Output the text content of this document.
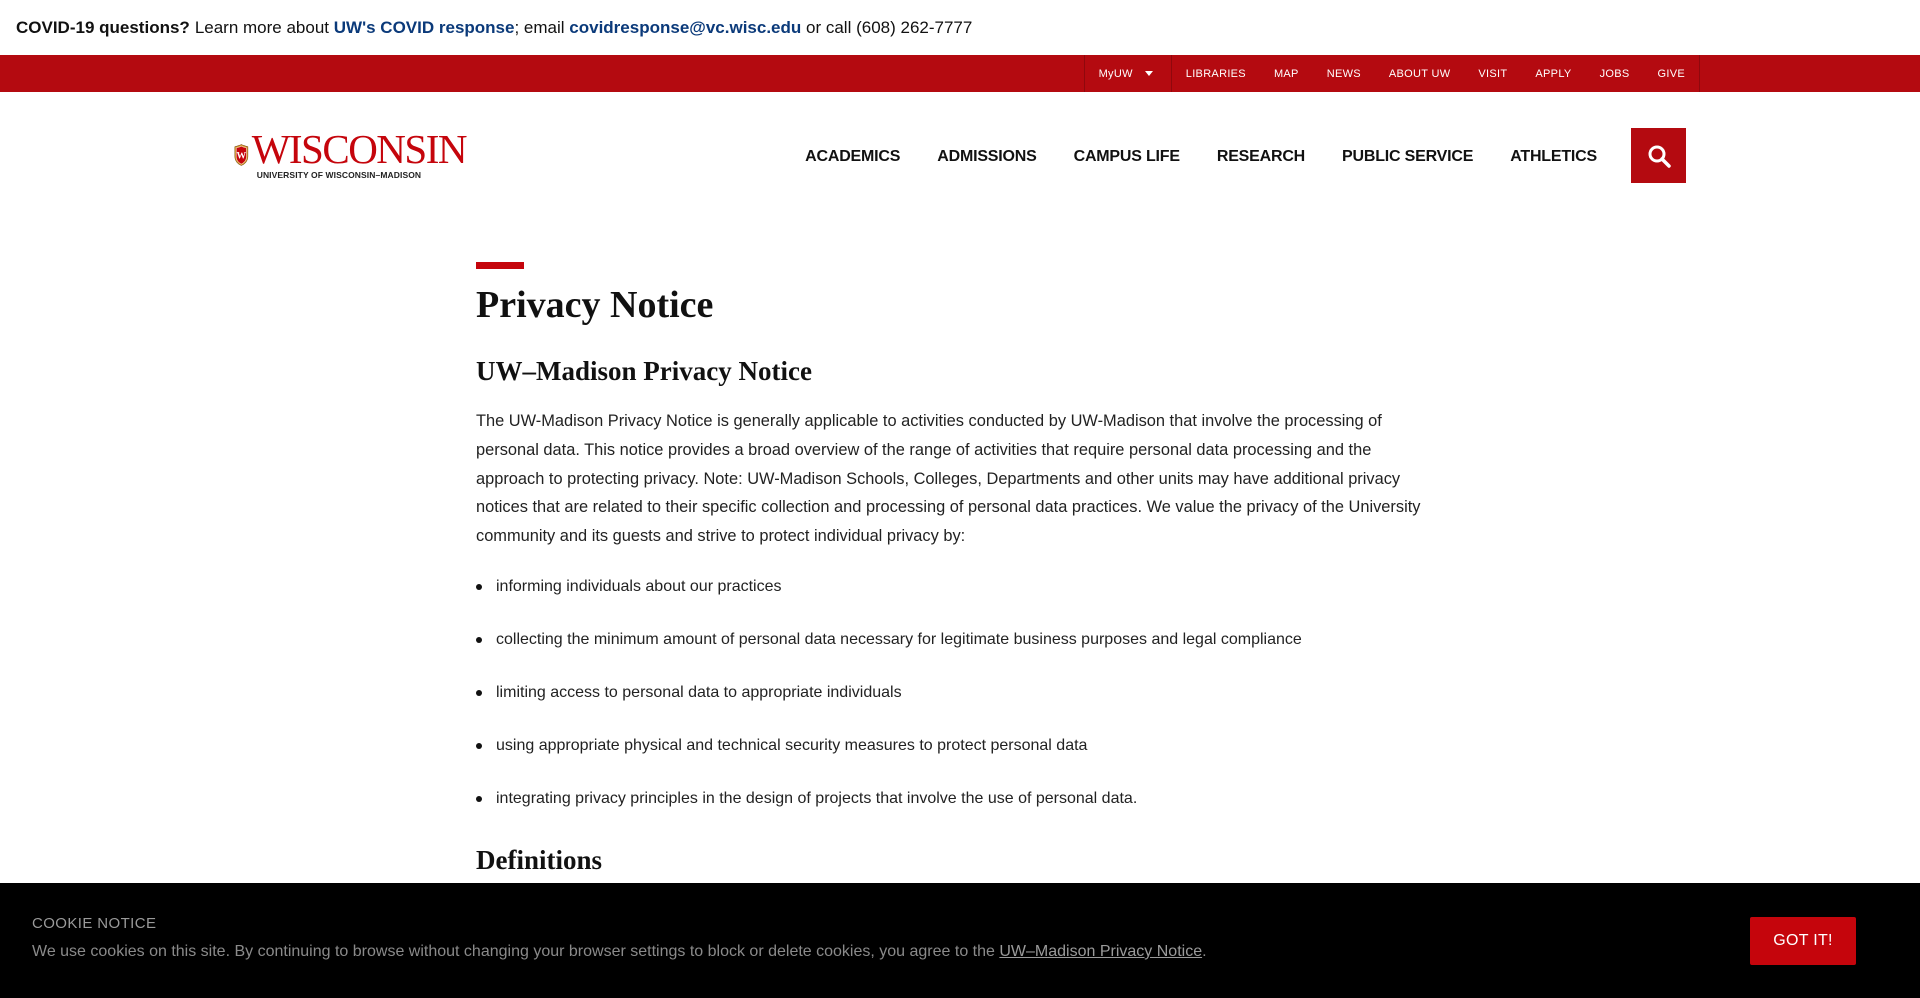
COVID-19 questions? Learn more about
UW's COVID
response ; email
covidresponse@vc.wisc.edu
or call (608) 262-7777
MyUW	LIBRARIES	MAP	NEWS	ABOUT UW	VISIT	APPLY	JOBS	GIVE
W WISCONSIN
UNIVERSITY OF WISCONSIN–MADISON
ACADEMICS ADMISSIONS CAMPUS LIFE RESEARCH PUBLIC SERVICE ATHLETICS
Privacy Notice
UW–Madison Privacy Notice

The UW-Madison Privacy Notice is generally applicable to activities conducted by UW-Madison that involve the processing of personal data. This notice provides a broad overview of the range of activities that require personal data processing and the approach to protecting privacy. Note: UW-Madison Schools, Colleges, Departments and other units may have additional privacy notices that are related to their specific collection and processing of personal data practices. We value the privacy of the University community and its guests and strive to protect individual privacy by:

informing individuals about our practices
collecting the minimum amount of personal data necessary for legitimate business purposes and legal compliance
limiting access to personal data to appropriate individuals
using appropriate physical and technical security measures to protect personal data
integrating privacy principles in the design of projects that involve the use of personal data.
Definitions
COOKIE NOTICE
We use cookies on this site. By continuing to browse without changing your browser settings to block or delete cookies, you agree to the UW–Madison Privacy Notice.
GOT IT!
